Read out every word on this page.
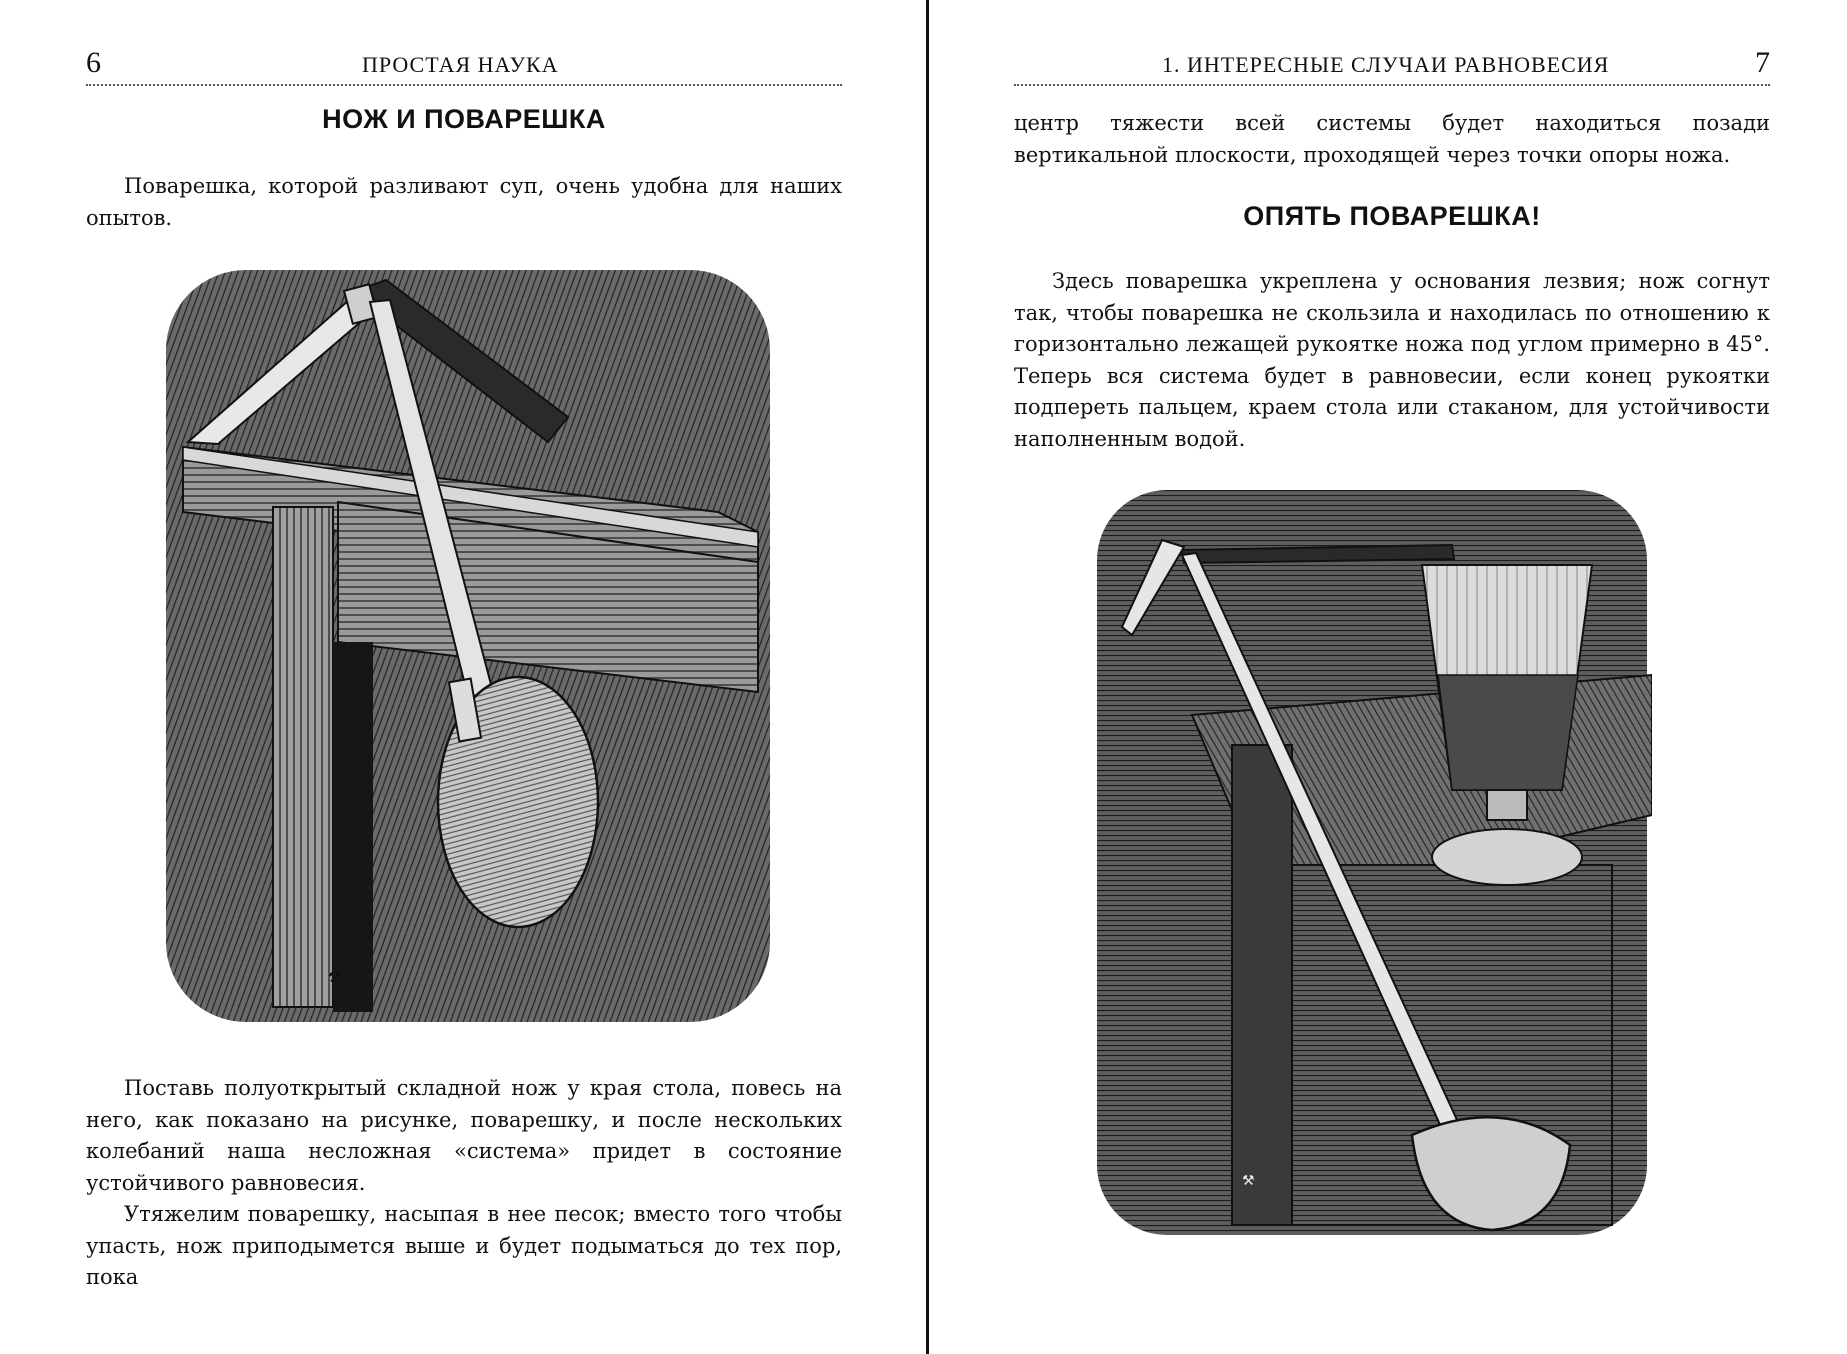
6	ПРОСТАЯ НАУКА
НОЖ И ПОВАРЕШКА

Поварешка, которой разливают суп, очень удобна для наших опытов.

⚒

Поставь полуоткрытый складной нож у края стола, повесь на него, как показано на рисунке, поварешку, и после нескольких колебаний наша несложная «система» придет в состояние устойчивого равновесия.

Утяжелим поварешку, насыпая в нее песок; вместо того чтобы упасть, нож приподымется выше и будет подыматься до тех пор, пока

1. ИНТЕРЕСНЫЕ СЛУЧАИ РАВНОВЕСИЯ	7

центр тяжести всей системы будет находиться позади вертикальной плоскости, проходящей через точки опоры ножа.

ОПЯТЬ ПОВАРЕШКА!

Здесь поварешка укреплена у основания лезвия; нож согнут так, чтобы поварешка не скользила и находилась по отношению к горизонтально лежащей рукоятке ножа под углом примерно в 45°. Теперь вся система будет в равновесии, если конец рукоятки подпереть пальцем, краем стола или стаканом, для устойчивости наполненным водой.

⚒
